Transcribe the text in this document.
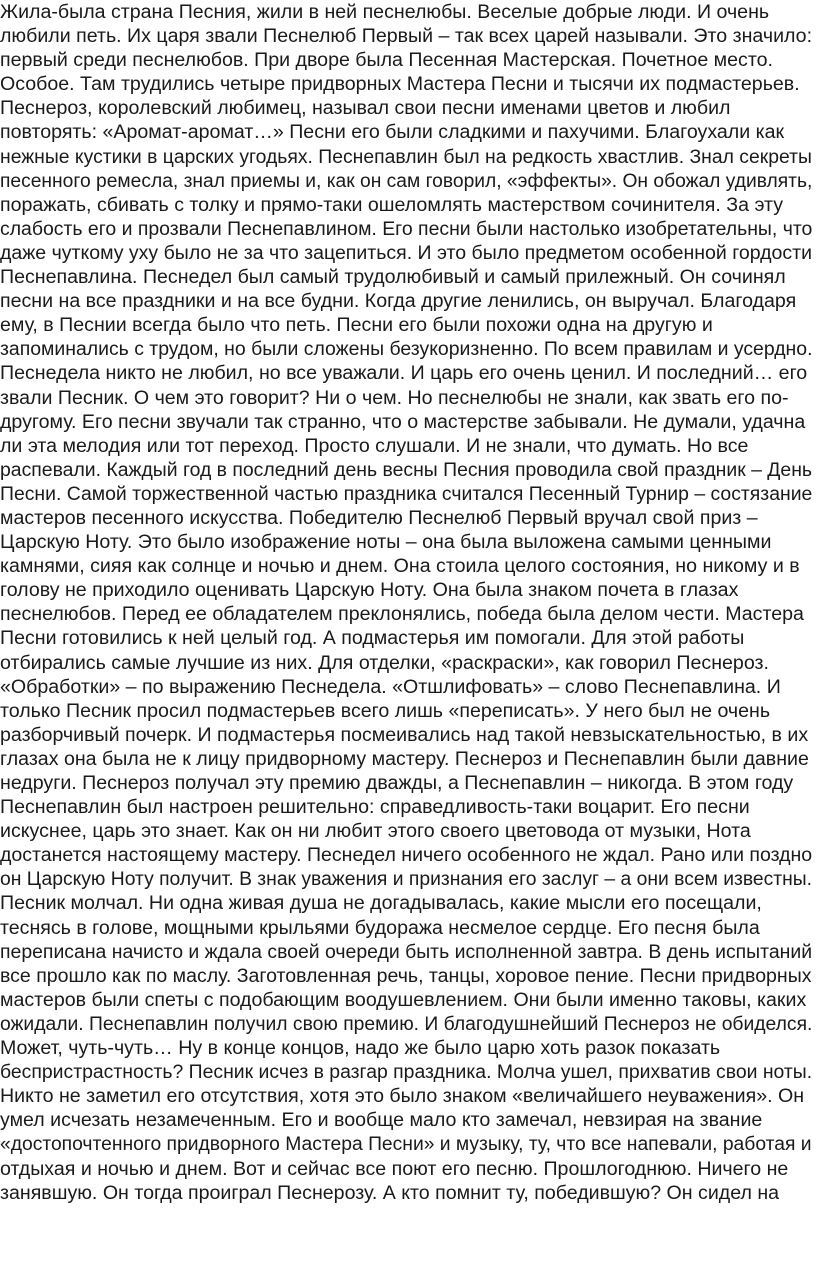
Жила-была страна Песния, жили в ней песнелюбы. Веселые добрые люди. И очень
любили петь. Их царя звали Песнелюб Первый – так всех царей называли. Это значило:
первый среди песнелюбов. При дворе была Песенная Мастерская. Почетное место.
Особое. Там трудились четыре придворных Мастера Песни и тысячи их подмастерьев.
Песнероз, королевский любимец, называл свои песни именами цветов и любил
повторять: «Аромат-аромат…» Песни его были сладкими и пахучими. Благоухали как
нежные кустики в царских угодьях. Песнепавлин был на редкость хвастлив. Знал секреты
песенного ремесла, знал приемы и, как он сам говорил, «эффекты». Он обожал удивлять,
поражать, сбивать с толку и прямо-таки ошеломлять мастерством сочинителя. За эту
слабость его и прозвали Песнепавлином. Его песни были настолько изобретательны, что
даже чуткому уху было не за что зацепиться. И это было предметом особенной гордости
Песнепавлина. Песнедел был самый трудолюбивый и самый прилежный. Он сочинял
песни на все праздники и на все будни. Когда другие ленились, он выручал. Благодаря
ему, в Песнии всегда было что петь. Песни его были похожи одна на другую и
запоминались с трудом, но были сложены безукоризненно. По всем правилам и усердно.
Песнедела никто не любил, но все уважали. И царь его очень ценил. И последний… его
звали Песник. О чем это говорит? Ни о чем. Но песнелюбы не знали, как звать его по-
другому. Его песни звучали так странно, что о мастерстве забывали. Не думали, удачна
ли эта мелодия или тот переход. Просто слушали. И не знали, что думать. Но все
распевали. Каждый год в последний день весны Песния проводила свой праздник – День
Песни. Самой торжественной частью праздника считался Песенный Турнир – состязание
мастеров песенного искусства. Победителю Песнелюб Первый вручал свой приз –
Царскую Ноту. Это было изображение ноты – она была выложена самыми ценными
камнями, сияя как солнце и ночью и днем. Она стоила целого состояния, но никому и в
голову не приходило оценивать Царскую Ноту. Она была знаком почета в глазах
песнелюбов. Перед ее обладателем преклонялись, победа была делом чести. Мастера
Песни готовились к ней целый год. А подмастерья им помогали. Для этой работы
отбирались самые лучшие из них. Для отделки, «раскраски», как говорил Песнероз.
«Обработки» – по выражению Песнедела. «Отшлифовать» – слово Песнепавлина. И
только Песник просил подмастерьев всего лишь «переписать». У него был не очень
разборчивый почерк. И подмастерья посмеивались над такой невзыскательностью, в их
глазах она была не к лицу придворному мастеру. Песнероз и Песнепавлин были давние
недруги. Песнероз получал эту премию дважды, а Песнепавлин – никогда. В этом году
Песнепавлин был настроен решительно: справедливость-таки воцарит. Его песни
искуснее, царь это знает. Как он ни любит этого своего цветовода от музыки, Нота
достанется настоящему мастеру. Песнедел ничего особенного не ждал. Рано или поздно
он Царскую Ноту получит. В знак уважения и признания его заслуг – а они всем известны.
Песник молчал. Ни одна живая душа не догадывалась, какие мысли его посещали,
теснясь в голове, мощными крыльями будоража несмелое сердце. Его песня была
переписана начисто и ждала своей очереди быть исполненной завтра. В день испытаний
все прошло как по маслу. Заготовленная речь, танцы, хоровое пение. Песни придворных
мастеров были спеты с подобающим воодушевлением. Они были именно таковы, каких
ожидали. Песнепавлин получил свою премию. И благодушнейший Песнероз не обиделся.
Может, чуть-чуть… Ну в конце концов, надо же было царю хоть разок показать
беспристрастность? Песник исчез в разгар праздника. Молча ушел, прихватив свои ноты.
Никто не заметил его отсутствия, хотя это было знаком «величайшего неуважения». Он
умел исчезать незамеченным. Его и вообще мало кто замечал, невзирая на звание
«достопочтенного придворного Мастера Песни» и музыку, ту, что все напевали, работая и
отдыхая и ночью и днем. Вот и сейчас все поют его песню. Прошлогоднюю. Ничего не
занявшую. Он тогда проиграл Песнерозу. А кто помнит ту, победившую? Он сидел на
